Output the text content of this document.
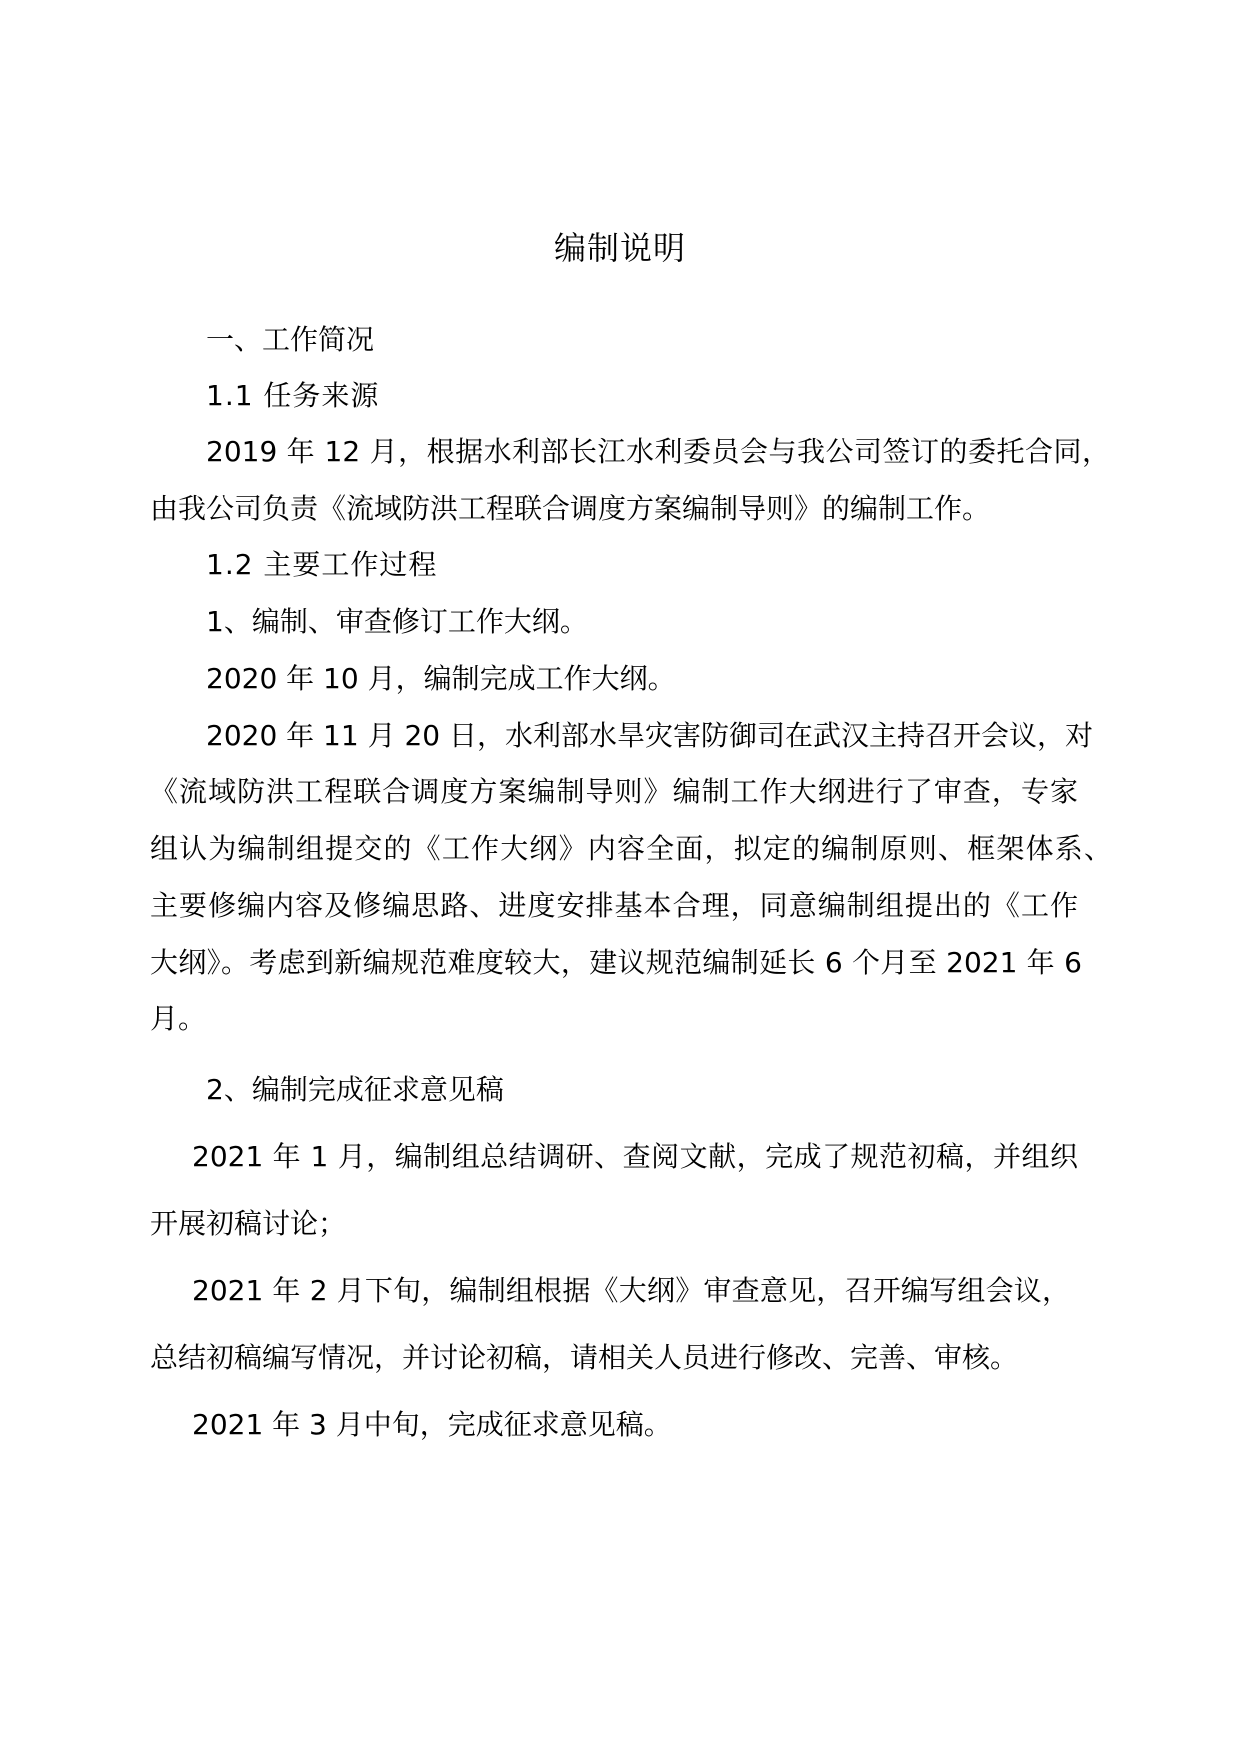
编制说明
一、工作简况
1.1 任务来源
2019 年 12 月，根据水利部长江水利委员会与我公司签订的委托合同，
由我公司负责《流域防洪工程联合调度方案编制导则》的编制工作。
1.2 主要工作过程
1、编制、审查修订工作大纲。
2020 年 10 月，编制完成工作大纲。
2020 年 11 月 20 日，水利部水旱灾害防御司在武汉主持召开会议，对
《流域防洪工程联合调度方案编制导则》编制工作大纲进行了审查，专家
组认为编制组提交的《工作大纲》内容全面，拟定的编制原则、框架体系、
主要修编内容及修编思路、进度安排基本合理，同意编制组提出的《工作
大纲》。考虑到新编规范难度较大，建议规范编制延长 6 个月至 2021 年 6
月。
2、编制完成征求意见稿
2021 年 1 月，编制组总结调研、查阅文献，完成了规范初稿，并组织
开展初稿讨论；
2021 年 2 月下旬，编制组根据《大纲》审查意见，召开编写组会议，
总结初稿编写情况，并讨论初稿，请相关人员进行修改、完善、审核。
2021 年 3 月中旬，完成征求意见稿。
